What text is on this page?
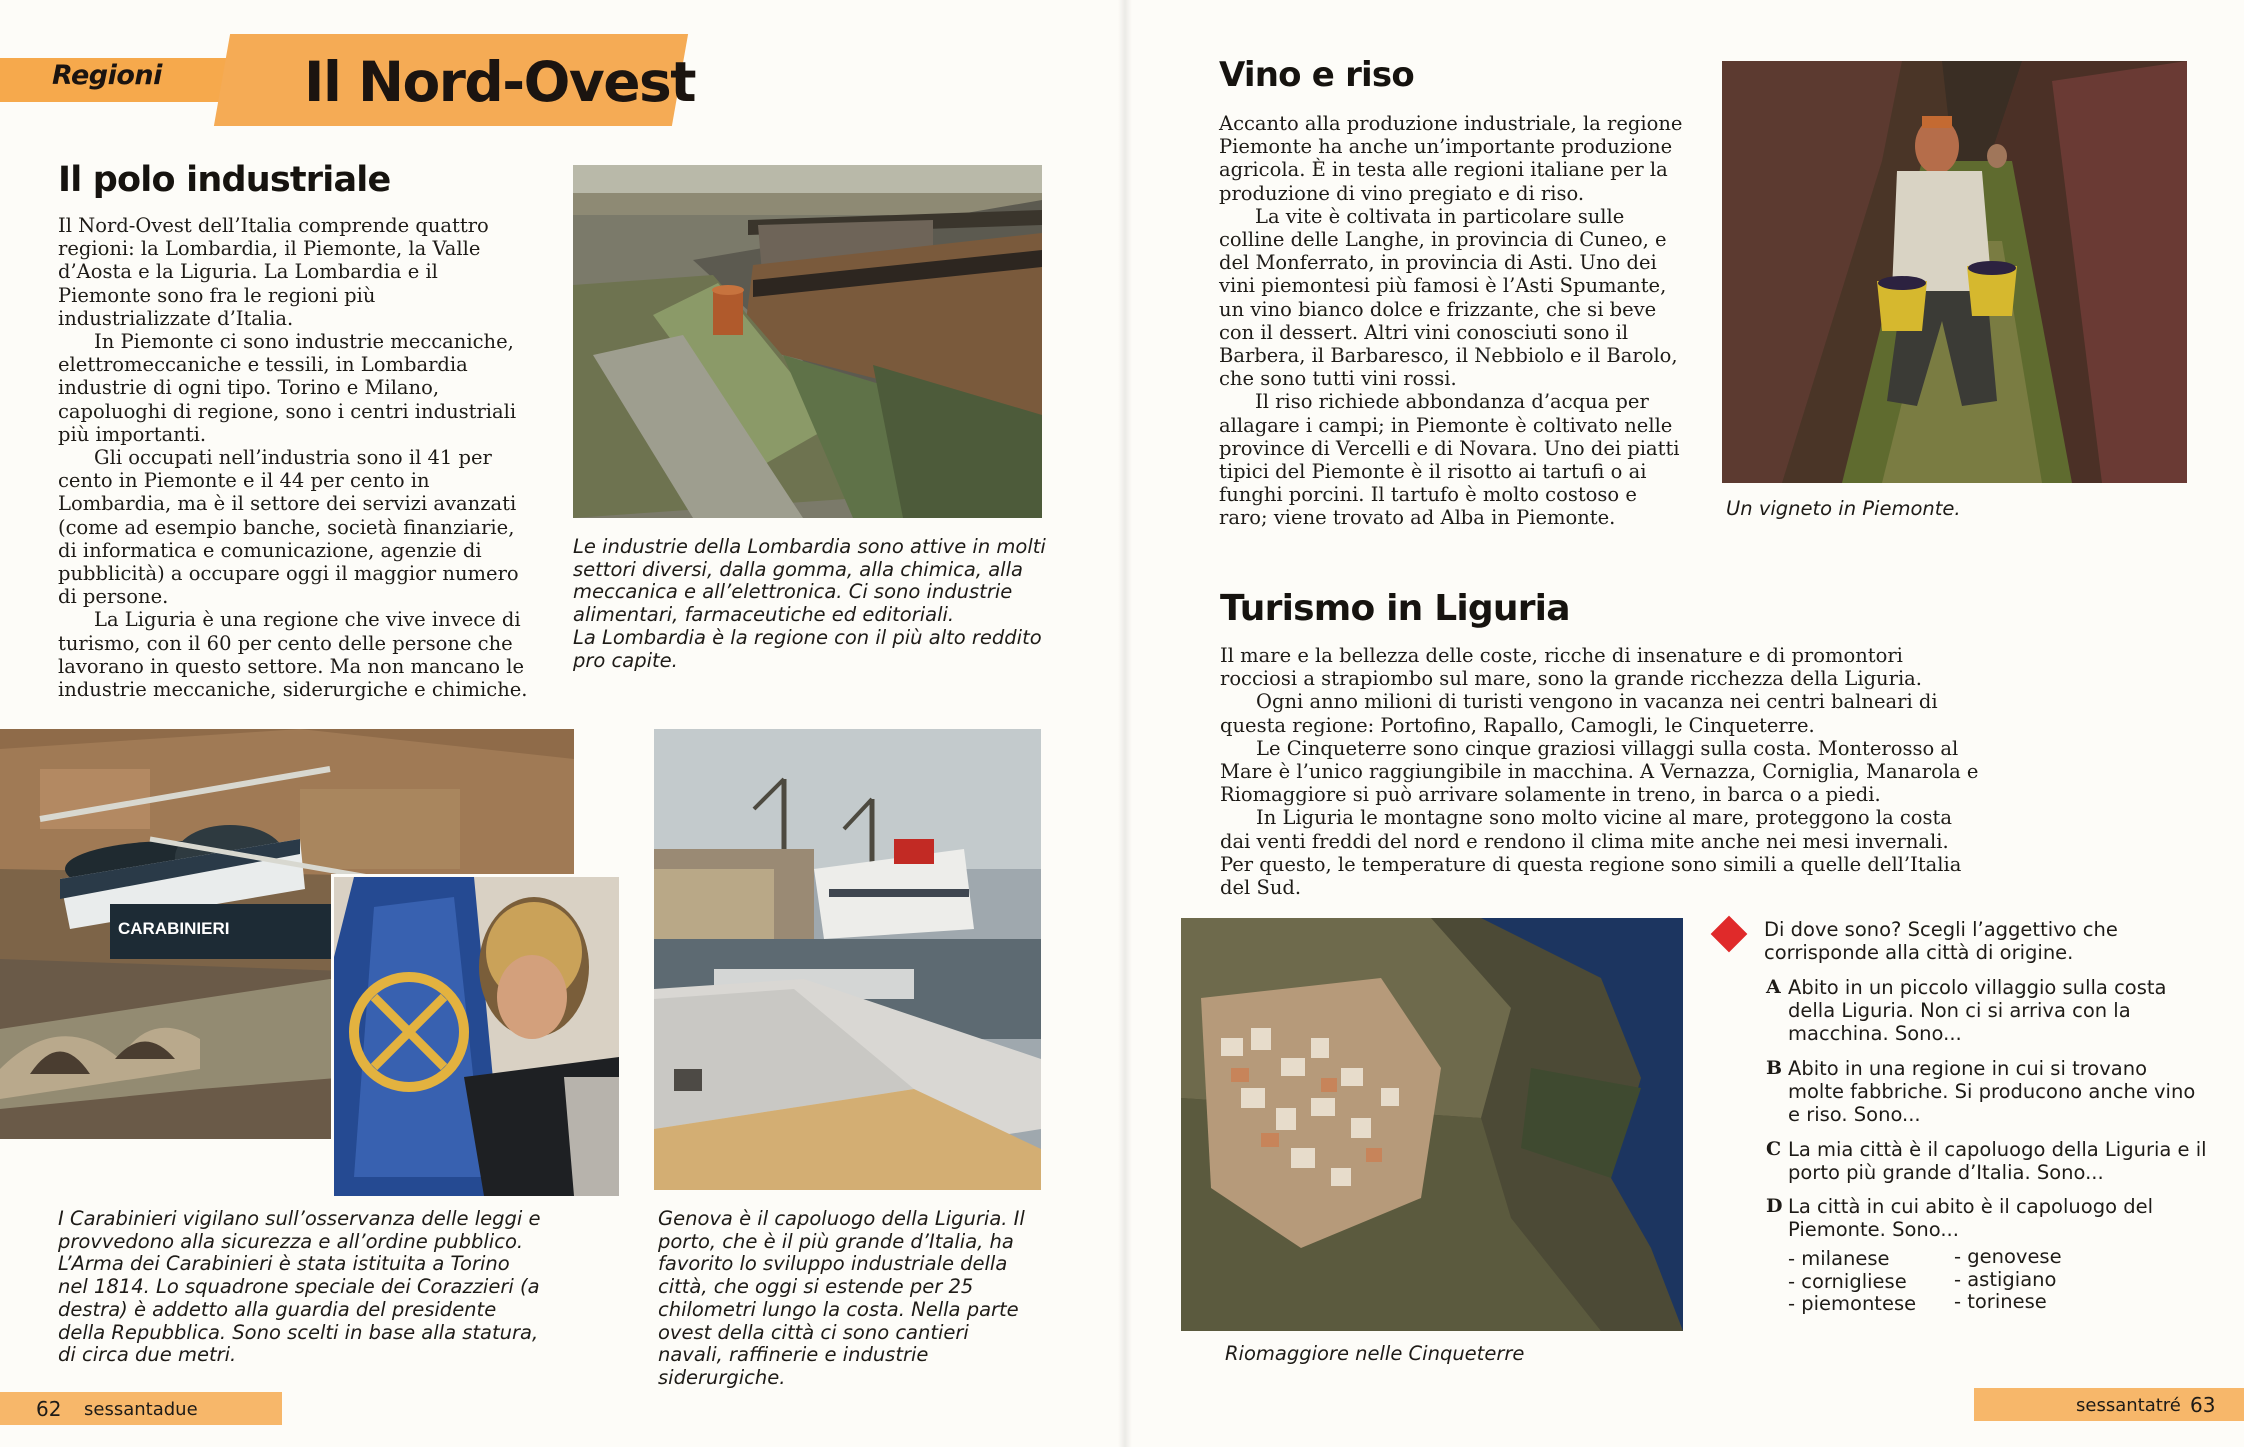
Regioni	Il Nord-Ovest
Il polo industriale

Il Nord-Ovest dell’Italia comprende quattro regioni: la Lombardia, il Piemonte, la Valle d’Aosta e la Liguria. La Lombardia e il Piemonte sono fra le regioni più industrializzate d’Italia.

In Piemonte ci sono industrie meccaniche, elettromeccaniche e tessili, in Lombardia industrie di ogni tipo. Torino e Milano, capoluoghi di regione, sono i centri industriali più importanti.

Gli occupati nell’industria sono il 41 per cento in Piemonte e il 44 per cento in Lombardia, ma è il settore dei servizi avanzati (come ad esempio banche, società finanziarie, di informatica e comunicazione, agenzie di pubblicità) a occupare oggi il maggior numero di persone.

La Liguria è una regione che vive invece di turismo, con il 60 per cento delle persone che lavorano in questo settore. Ma non mancano le industrie meccaniche, siderurgiche e chimiche.

Le industrie della Lombardia sono attive in molti settori diversi, dalla gomma, alla chimica, alla meccanica e all’elettronica. Ci sono industrie alimentari, farmaceutiche ed editoriali.

La Lombardia è la regione con il più alto reddito pro capite.

CARABINIERI
I Carabinieri vigilano sull’osservanza delle leggi e provvedono alla sicurezza e all’ordine pubblico. L’Arma dei Carabinieri è stata istituita a Torino nel 1814. Lo squadrone speciale dei Corazzieri (a destra) è addetto alla guardia del presidente della Repubblica. Sono scelti in base alla statura, di circa due metri.
Genova è il capoluogo della Liguria. Il porto, che è il più grande d’Italia, ha favorito lo sviluppo industriale della città, che oggi si estende per 25 chilometri lungo la costa. Nella parte ovest della città ci sono cantieri navali, raffinerie e industrie siderurgiche.
62 sessantadue
Vino e riso

Accanto alla produzione industriale, la regione Piemonte ha anche un’importante produzione agricola. È in testa alle regioni italiane per la produzione di vino pregiato e di riso.

La vite è coltivata in particolare sulle colline delle Langhe, in provincia di Cuneo, e del Monferrato, in provincia di Asti. Uno dei vini piemontesi più famosi è l’Asti Spumante, un vino bianco dolce e frizzante, che si beve con il dessert. Altri vini conosciuti sono il Barbera, il Barbaresco, il Nebbiolo e il Barolo, che sono tutti vini rossi.

Il riso richiede abbondanza d’acqua per allagare i campi; in Piemonte è coltivato nelle province di Vercelli e di Novara. Uno dei piatti tipici del Piemonte è il risotto ai tartufi o ai funghi porcini. Il tartufo è molto costoso e raro; viene trovato ad Alba in Piemonte.	Un vigneto in Piemonte.
Turismo in Liguria

Il mare e la bellezza delle coste, ricche di insenature e di promontori rocciosi a strapiombo sul mare, sono la grande ricchezza della Liguria.

Ogni anno milioni di turisti vengono in vacanza nei centri balneari di questa regione: Portofino, Rapallo, Camogli, le Cinqueterre.

Le Cinqueterre sono cinque graziosi villaggi sulla costa. Monterosso al Mare è l’unico raggiungibile in macchina. A Vernazza, Corniglia, Manarola e Riomaggiore si può arrivare solamente in treno, in barca o a piedi.

In Liguria le montagne sono molto vicine al mare, proteggono la costa dai venti freddi del nord e rendono il clima mite anche nei mesi invernali. Per questo, le temperature di questa regione sono simili a quelle dell’Italia del Sud.

Riomaggiore nelle Cinqueterre
Di dove sono? Scegli l’aggettivo che corrisponde alla città di origine.
A Abito in un piccolo villaggio sulla costa della Liguria. Non ci si arriva con la macchina. Sono...
B Abito in una regione in cui si trovano molte fabbriche. Si producono anche vino e riso. Sono...
C La mia città è il capoluogo della Liguria e il porto più grande d’Italia. Sono...
D La città in cui abito è il capoluogo del Piemonte. Sono...
- milanese
- cornigliese
- piemontese
- genovese
- astigiano
- torinese
sessantatré 63
